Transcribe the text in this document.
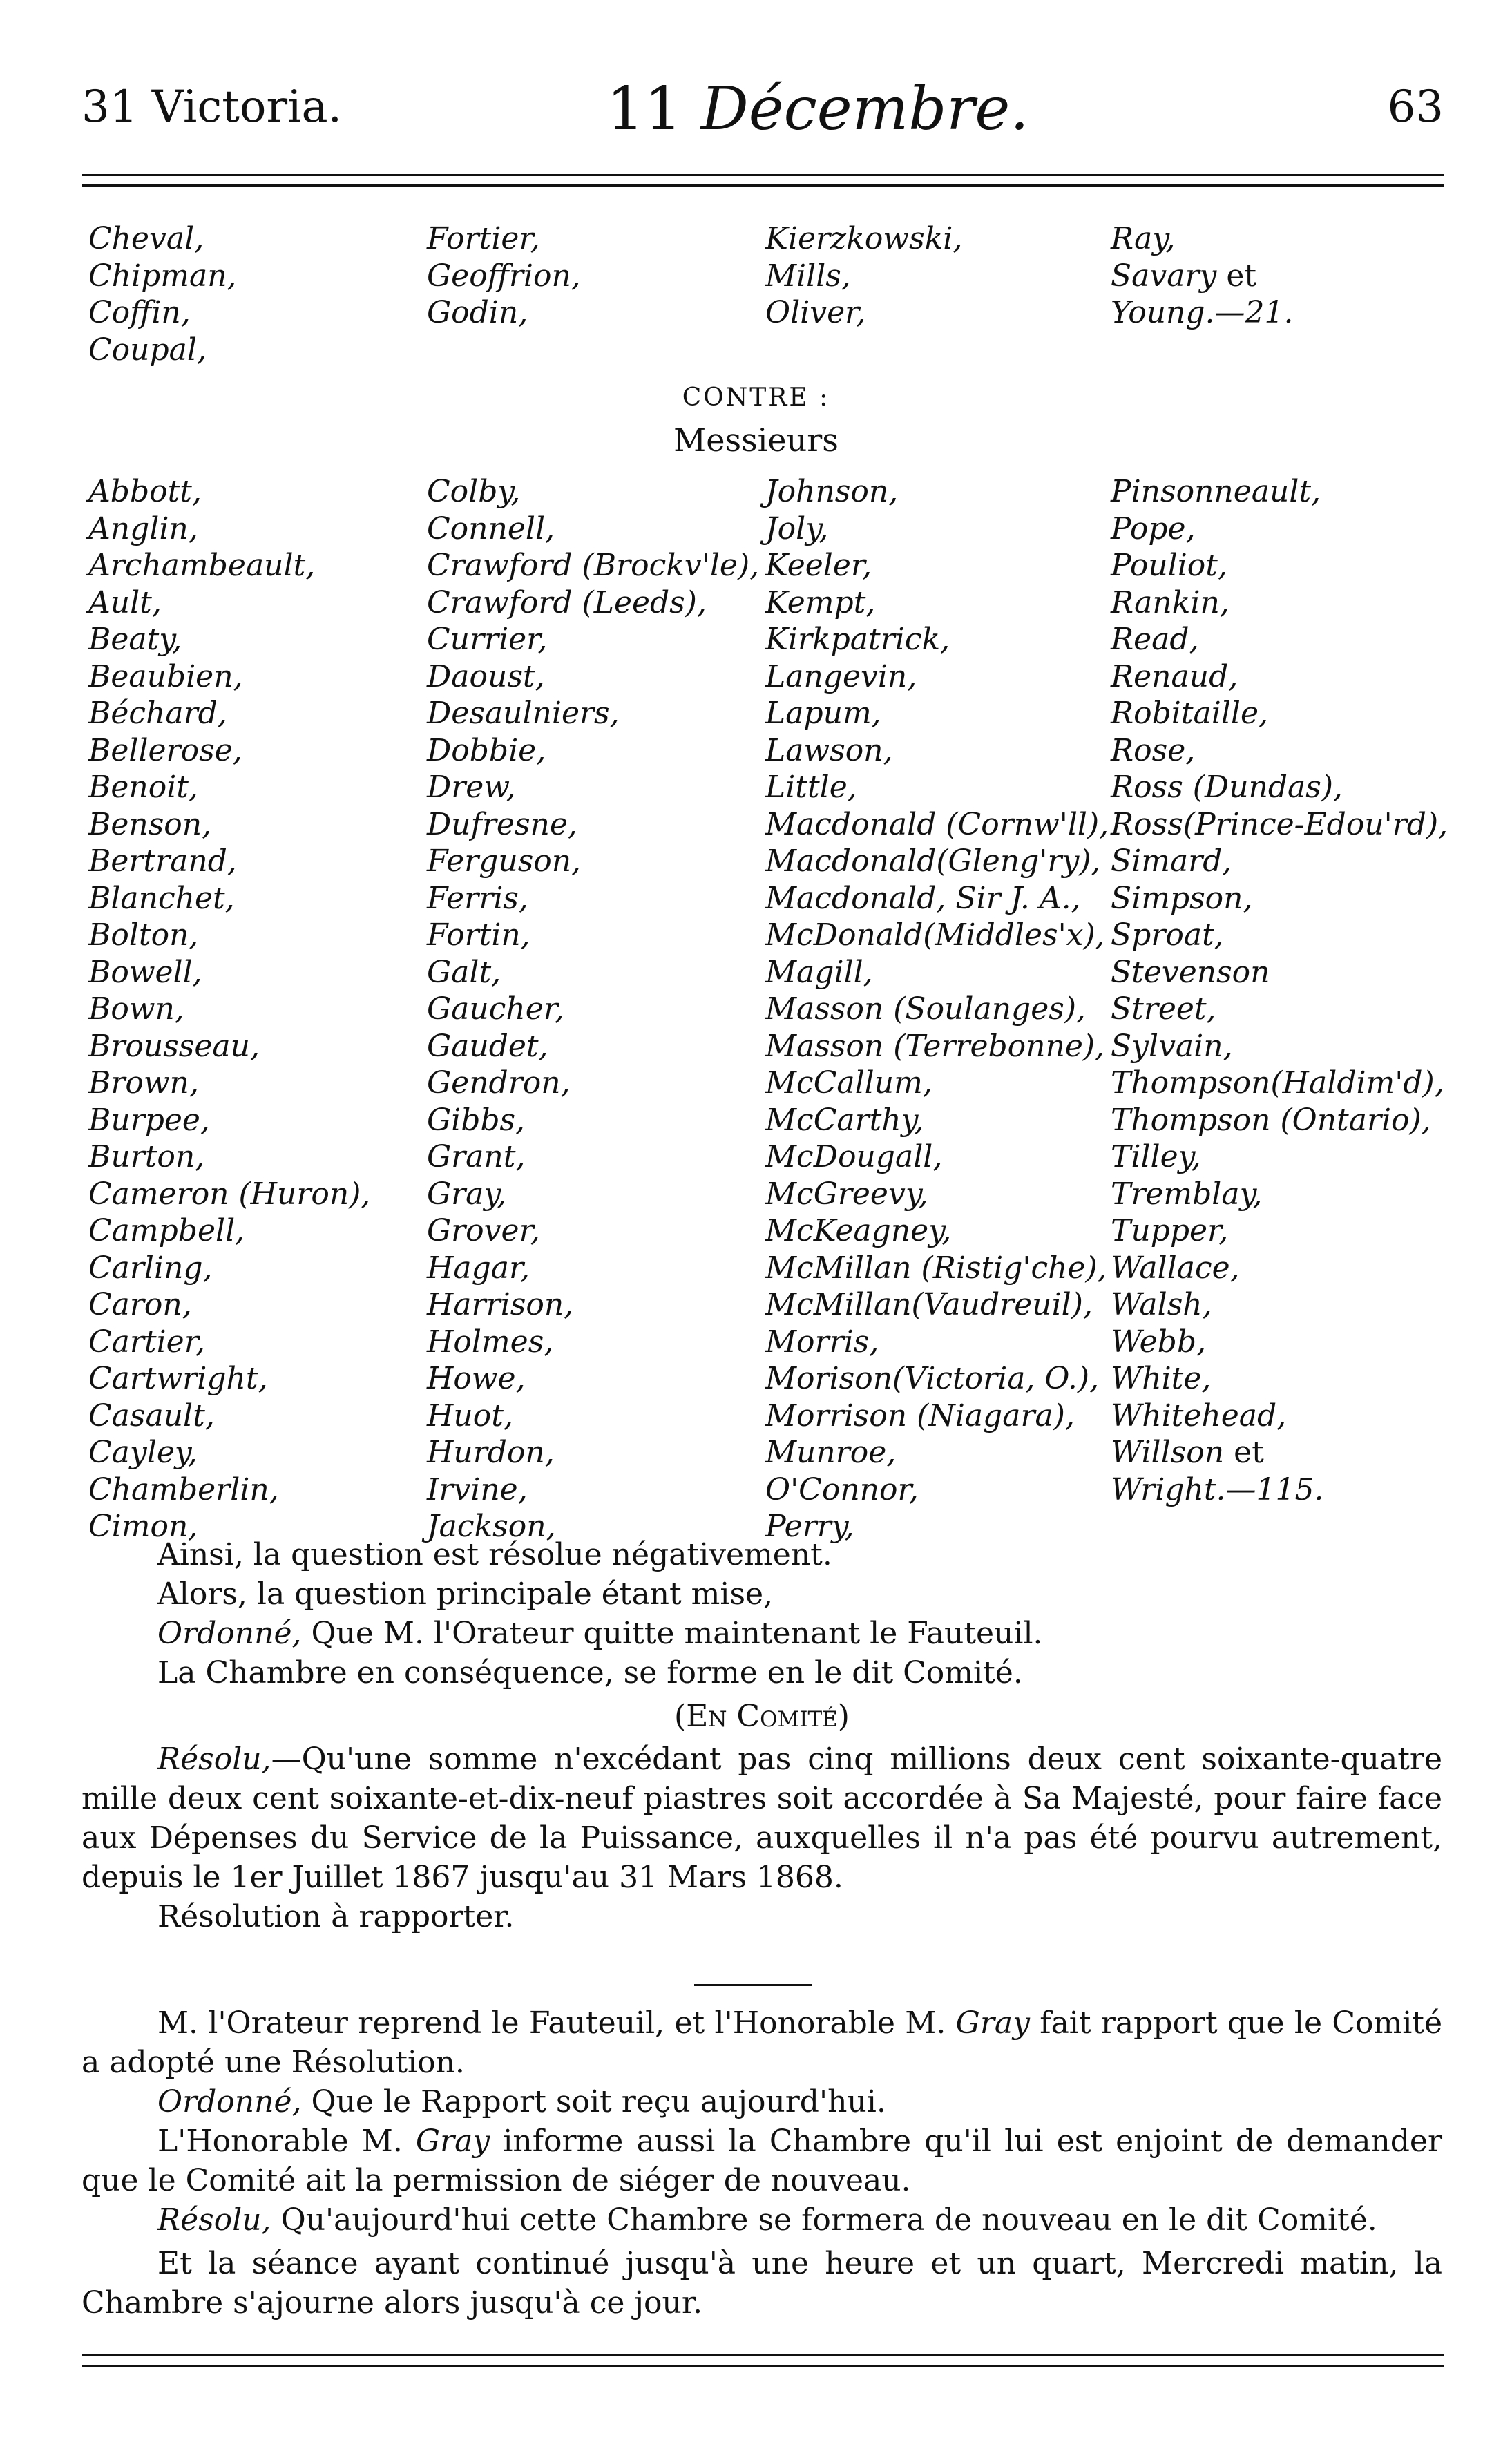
31 Victoria.	11 Décembre.	63
Cheval,	Fortier,	Kierzkowski,	Ray,
Chipman,	Geoffrion,	Mills,	Savary et
Coffin,	Godin,	Oliver,	Young.—21.
Coupal,
CONTRE :
Messieurs
Abbott,	Colby,	Johnson,	Pinsonneault,
Anglin,	Connell,	Joly,	Pope,
Archambeault,	Crawford (Brockv'le), Keeler,	Pouliot,
Ault,	Crawford (Leeds), Kempt,	Rankin,
Beaty,	Currier,	Kirkpatrick,	Read,
Beaubien,	Daoust,	Langevin,	Renaud,
Béchard,	Desaulniers,	Lapum,	Robitaille,
Bellerose,	Dobbie,	Lawson,	Rose,
Benoit,	Drew,	Little,	Ross (Dundas),
Benson,	Dufresne,	Macdonald (Cornw'll), Ross(Prince-Edou'rd),
Bertrand,	Ferguson,	Macdonald(Gleng'ry), Simard,
Blanchet,	Ferris,	Macdonald, Sir J. A., Simpson,
Bolton,	Fortin,	McDonald(Middles'x), Sproat,
Bowell,	Galt,	Magill,	Stevenson
Bown,	Gaucher,	Masson (Soulanges), Street,
Brousseau,	Gaudet,	Masson (Terrebonne), Sylvain,
Brown,	Gendron,	McCallum,	Thompson(Haldim'd),
Burpee,	Gibbs,	McCarthy,	Thompson (Ontario),
Burton,	Grant,	McDougall,	Tilley,
Cameron (Huron), Gray,	McGreevy,	Tremblay,
Campbell,	Grover,	McKeagney,	Tupper,
Carling,	Hagar,	McMillan (Ristig'che), Wallace,
Caron,	Harrison,	McMillan(Vaudreuil), Walsh,
Cartier,	Holmes,	Morris,	Webb,
Cartwright,	Howe,	Morison(Victoria, O.), White,
Casault,	Huot,	Morrison (Niagara), Whitehead,
Cayley,	Hurdon,	Munroe,	Willson et
Chamberlin,	Irvine,	O'Connor,	Wright.—115.
Cimon,	Jackson,	Perry,
Ainsi, la question est résolue négativement.
Alors, la question principale étant mise,
Ordonné, Que M. l'Orateur quitte maintenant le Fauteuil.
La Chambre en conséquence, se forme en le dit Comité.
(En Comité)
Résolu,—Qu'une somme n'excédant pas cinq millions deux cent soixante-quatre mille deux cent soixante-et-dix-neuf piastres soit accordée à Sa Majesté, pour faire face aux Dépenses du Service de la Puissance, auxquelles il n'a pas été pourvu autrement, depuis le 1er Juillet 1867 jusqu'au 31 Mars 1868.
Résolution à rapporter.
M. l'Orateur reprend le Fauteuil, et l'Honorable M. Gray fait rapport que le Comité a adopté une Résolution.
Ordonné, Que le Rapport soit reçu aujourd'hui.
L'Honorable M. Gray informe aussi la Chambre qu'il lui est enjoint de demander que le Comité ait la permission de siéger de nouveau.
Résolu, Qu'aujourd'hui cette Chambre se formera de nouveau en le dit Comité.
Et la séance ayant continué jusqu'à une heure et un quart, Mercredi matin, la Chambre s'ajourne alors jusqu'à ce jour.
